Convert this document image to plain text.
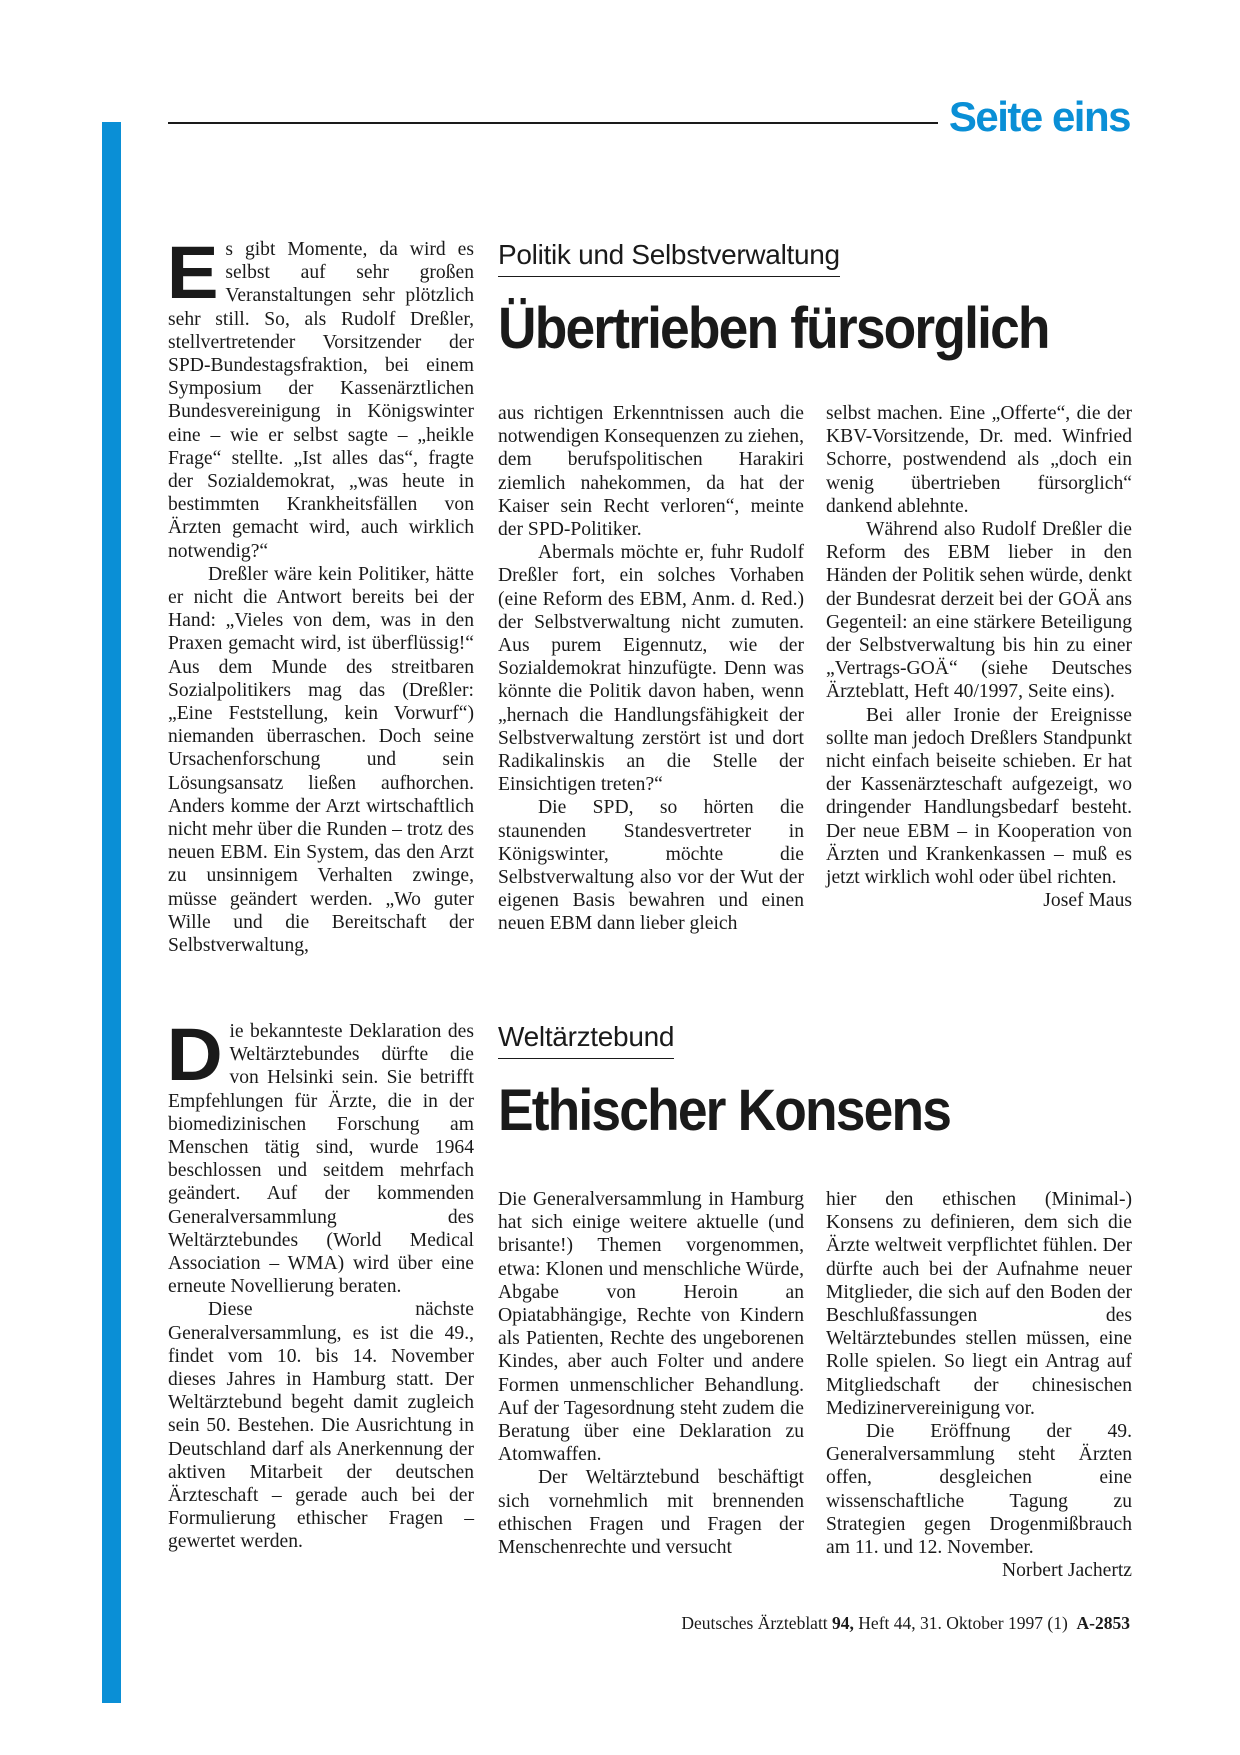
Seite eins

Es gibt Momente, da wird es selbst auf sehr großen Veranstaltungen sehr plötzlich sehr still. So, als Rudolf Dreßler, stellvertretender Vorsitzender der SPD-Bundestagsfraktion, bei einem Symposium der Kassenärztlichen Bundesvereinigung in Königswinter eine – wie er selbst sagte – „heikle Frage“ stellte. „Ist alles das“, fragte der Sozialdemokrat, „was heute in bestimmten Krankheitsfällen von Ärzten gemacht wird, auch wirklich notwendig?“

Dreßler wäre kein Politiker, hätte er nicht die Antwort bereits bei der Hand: „Vieles von dem, was in den Praxen gemacht wird, ist überflüssig!“ Aus dem Munde des streitbaren Sozialpolitikers mag das (Dreßler: „Eine Feststellung, kein Vorwurf“) niemanden überraschen. Doch seine Ursachenforschung und sein Lösungsansatz ließen aufhorchen. Anders komme der Arzt wirtschaftlich nicht mehr über die Runden – trotz des neuen EBM. Ein System, das den Arzt zu unsinnigem Verhalten zwinge, müsse geändert werden. „Wo guter Wille und die Bereitschaft der Selbstverwaltung,

Politik und Selbstverwaltung
Übertrieben fürsorglich

aus richtigen Erkenntnissen auch die notwendigen Konsequenzen zu ziehen, dem berufspolitischen Harakiri ziemlich nahekommen, da hat der Kaiser sein Recht verloren“, meinte der SPD-Politiker.

Abermals möchte er, fuhr Rudolf Dreßler fort, ein solches Vorhaben (eine Reform des EBM, Anm. d. Red.) der Selbstverwaltung nicht zumuten. Aus purem Eigennutz, wie der Sozialdemokrat hinzufügte. Denn was könnte die Politik davon haben, wenn „hernach die Handlungsfähigkeit der Selbstverwaltung zerstört ist und dort Radikalinskis an die Stelle der Einsichtigen treten?“

Die SPD, so hörten die staunenden Standesvertreter in Königswinter, möchte die Selbstverwaltung also vor der Wut der eigenen Basis bewahren und einen neuen EBM dann lieber gleich

selbst machen. Eine „Offerte“, die der KBV-Vorsitzende, Dr. med. Winfried Schorre, postwendend als „doch ein wenig übertrieben fürsorglich“ dankend ablehnte.

Während also Rudolf Dreßler die Reform des EBM lieber in den Händen der Politik sehen würde, denkt der Bundesrat derzeit bei der GOÄ ans Gegenteil: an eine stärkere Beteiligung der Selbstverwaltung bis hin zu einer „Vertrags-GOÄ“ (siehe Deutsches Ärzteblatt, Heft 40/1997, Seite eins).

Bei aller Ironie der Ereignisse sollte man jedoch Dreßlers Standpunkt nicht einfach beiseite schieben. Er hat der Kassenärzteschaft aufgezeigt, wo dringender Handlungsbedarf besteht. Der neue EBM – in Kooperation von Ärzten und Krankenkassen – muß es jetzt wirklich wohl oder übel richten.
Josef Maus

Die bekannteste Deklaration des Weltärztebundes dürfte die von Helsinki sein. Sie betrifft Empfehlungen für Ärzte, die in der biomedizinischen Forschung am Menschen tätig sind, wurde 1964 beschlossen und seitdem mehrfach geändert. Auf der kommenden Generalversammlung des Weltärztebundes (World Medical Association – WMA) wird über eine erneute Novellierung beraten.

Diese nächste Generalversammlung, es ist die 49., findet vom 10. bis 14. November dieses Jahres in Hamburg statt. Der Weltärztebund begeht damit zugleich sein 50. Bestehen. Die Ausrichtung in Deutschland darf als Anerkennung der aktiven Mitarbeit der deutschen Ärzteschaft – gerade auch bei der Formulierung ethischer Fragen – gewertet werden.

Weltärztebund
Ethischer Konsens

Die Generalversammlung in Hamburg hat sich einige weitere aktuelle (und brisante!) Themen vorgenommen, etwa: Klonen und menschliche Würde, Abgabe von Heroin an Opiatabhängige, Rechte von Kindern als Patienten, Rechte des ungeborenen Kindes, aber auch Folter und andere Formen unmenschlicher Behandlung. Auf der Tagesordnung steht zudem die Beratung über eine Deklaration zu Atomwaffen.

Der Weltärztebund beschäftigt sich vornehmlich mit brennenden ethischen Fragen und Fragen der Menschenrechte und versucht

hier den ethischen (Minimal-) Konsens zu definieren, dem sich die Ärzte weltweit verpflichtet fühlen. Der dürfte auch bei der Aufnahme neuer Mitglieder, die sich auf den Boden der Beschlußfassungen des Weltärztebundes stellen müssen, eine Rolle spielen. So liegt ein Antrag auf Mitgliedschaft der chinesischen Medizinervereinigung vor.

Die Eröffnung der 49. Generalversammlung steht Ärzten offen, desgleichen eine wissenschaftliche Tagung zu Strategien gegen Drogenmißbrauch am 11. und 12. November.
Norbert Jachertz

Deutsches Ärzteblatt 94, Heft 44, 31. Oktober 1997 (1) A-2853
